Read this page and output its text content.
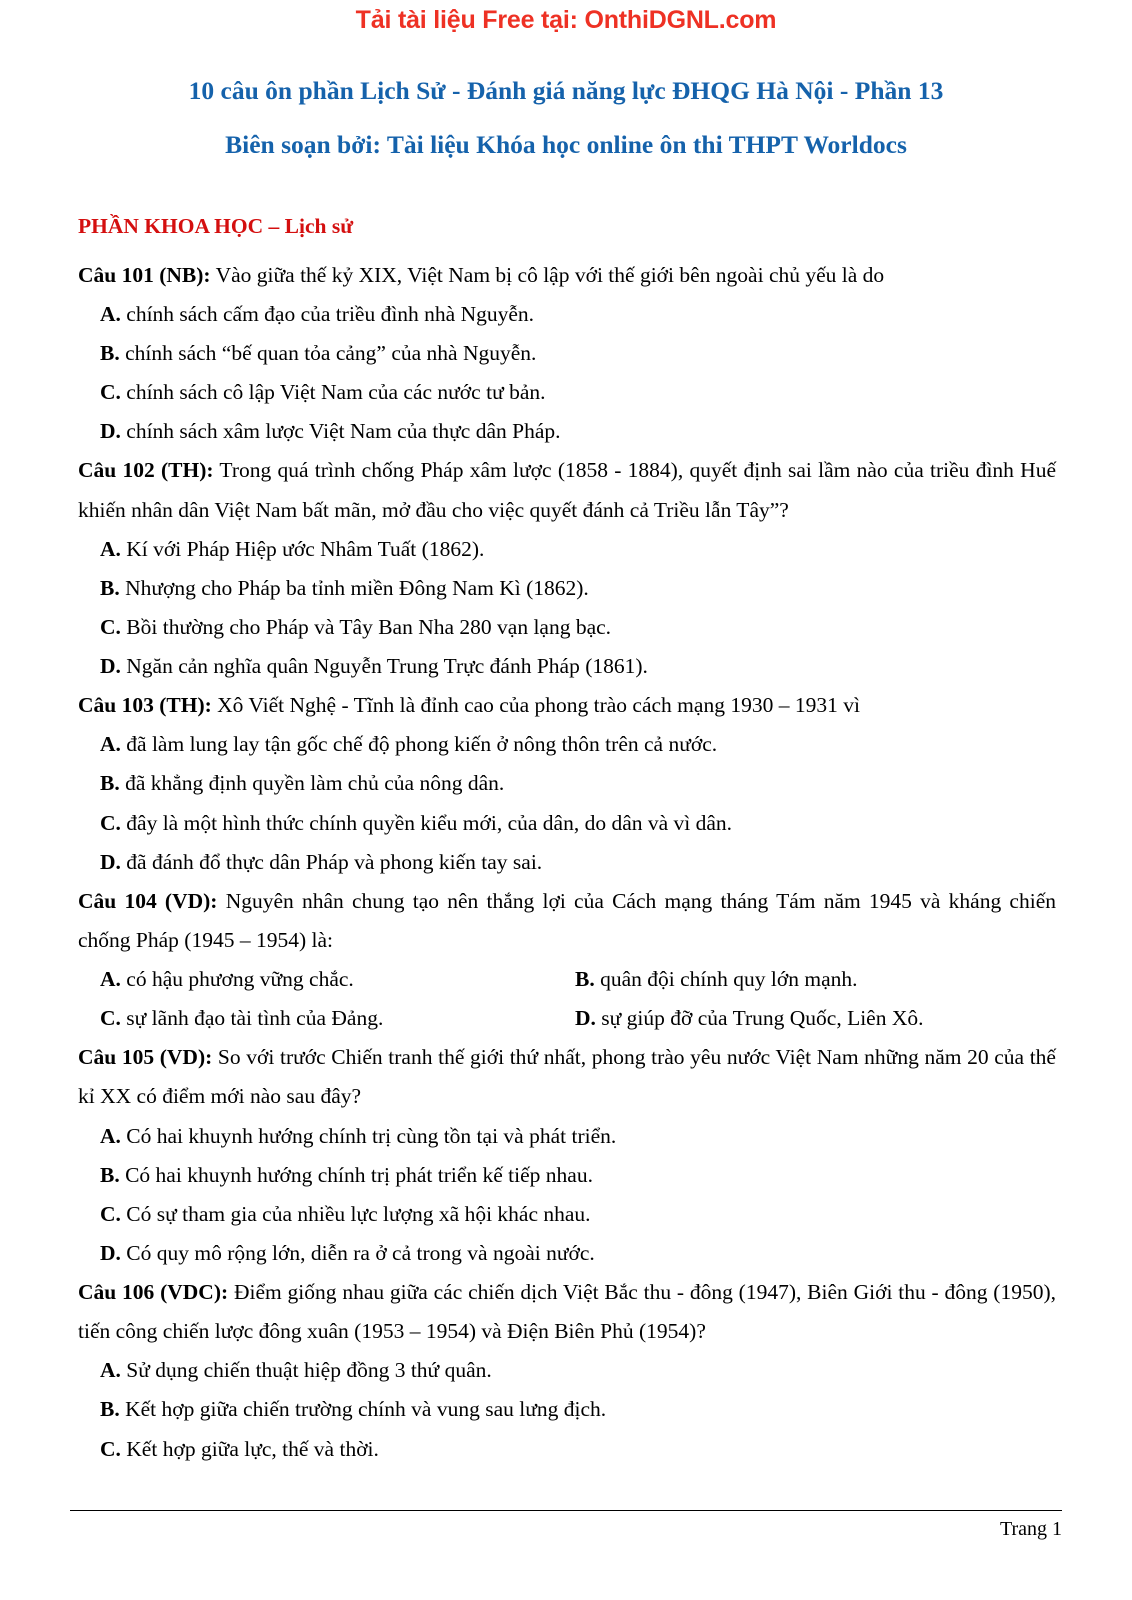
Tải tài liệu Free tại: OnthiDGNL.com
10 câu ôn phần Lịch Sử - Đánh giá năng lực ĐHQG Hà Nội - Phần 13
Biên soạn bởi: Tài liệu Khóa học online ôn thi THPT Worldocs
PHẦN KHOA HỌC – Lịch sử

Câu 101 (NB): Vào giữa thế kỷ XIX, Việt Nam bị cô lập với thế giới bên ngoài chủ yếu là do

A. chính sách cấm đạo của triều đình nhà Nguyễn.

B. chính sách “bế quan tỏa cảng” của nhà Nguyễn.

C. chính sách cô lập Việt Nam của các nước tư bản.

D. chính sách xâm lược Việt Nam của thực dân Pháp.

Câu 102 (TH): Trong quá trình chống Pháp xâm lược (1858 - 1884), quyết định sai lầm nào của triều đình Huế khiến nhân dân Việt Nam bất mãn, mở đầu cho việc quyết đánh cả Triều lẫn Tây”?

A. Kí với Pháp Hiệp ước Nhâm Tuất (1862).

B. Nhượng cho Pháp ba tỉnh miền Đông Nam Kì (1862).

C. Bồi thường cho Pháp và Tây Ban Nha 280 vạn lạng bạc.

D. Ngăn cản nghĩa quân Nguyễn Trung Trực đánh Pháp (1861).

Câu 103 (TH): Xô Viết Nghệ - Tĩnh là đỉnh cao của phong trào cách mạng 1930 – 1931 vì

A. đã làm lung lay tận gốc chế độ phong kiến ở nông thôn trên cả nước.

B. đã khẳng định quyền làm chủ của nông dân.

C. đây là một hình thức chính quyền kiểu mới, của dân, do dân và vì dân.

D. đã đánh đổ thực dân Pháp và phong kiến tay sai.

Câu 104 (VD): Nguyên nhân chung tạo nên thắng lợi của Cách mạng tháng Tám năm 1945 và kháng chiến chống Pháp (1945 – 1954) là:

A. có hậu phương vững chắc.	B. quân đội chính quy lớn mạnh.

C. sự lãnh đạo tài tình của Đảng.	D. sự giúp đỡ của Trung Quốc, Liên Xô.

Câu 105 (VD): So với trước Chiến tranh thế giới thứ nhất, phong trào yêu nước Việt Nam những năm 20 của thế kỉ XX có điểm mới nào sau đây?

A. Có hai khuynh hướng chính trị cùng tồn tại và phát triển.

B. Có hai khuynh hướng chính trị phát triển kế tiếp nhau.

C. Có sự tham gia của nhiều lực lượng xã hội khác nhau.

D. Có quy mô rộng lớn, diễn ra ở cả trong và ngoài nước.

Câu 106 (VDC): Điểm giống nhau giữa các chiến dịch Việt Bắc thu - đông (1947), Biên Giới thu - đông (1950), tiến công chiến lược đông xuân (1953 – 1954) và Điện Biên Phủ (1954)?

A. Sử dụng chiến thuật hiệp đồng 3 thứ quân.

B. Kết hợp giữa chiến trường chính và vung sau lưng địch.

C. Kết hợp giữa lực, thế và thời.

Trang 1
